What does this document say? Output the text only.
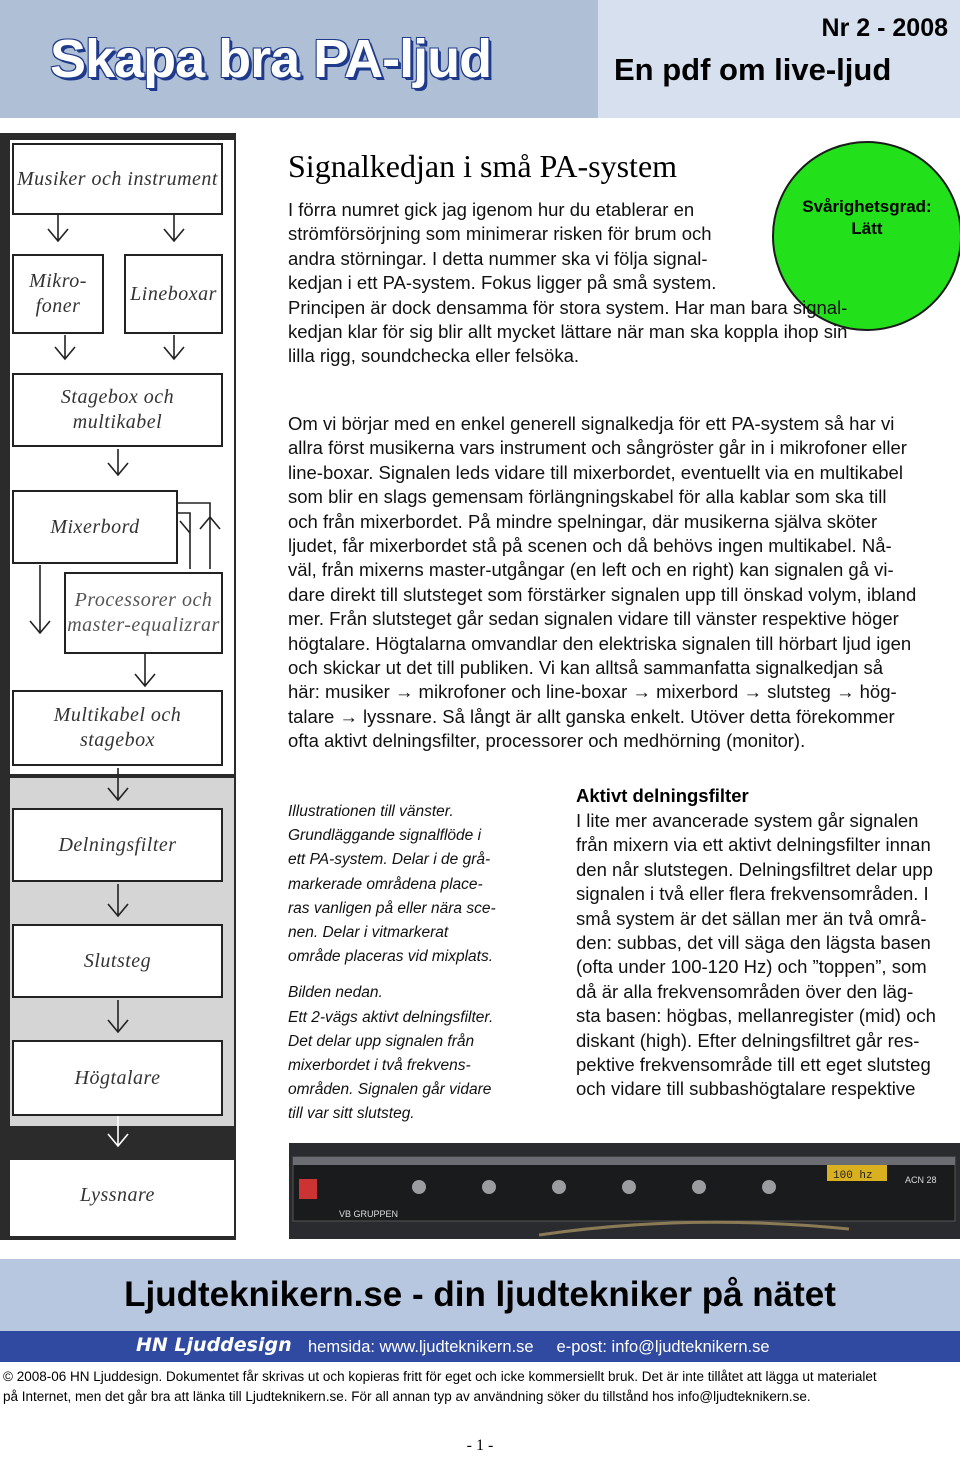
Skapa bra PA-ljud
Nr 2 - 2008
En pdf om live-ljud
Musiker och instrument
Mikro-foner
Lineboxar
Stagebox och multikabel
Mixerbord
Processorer och master-equalizrar
Multikabel och stagebox
Delningsfilter
Slutsteg
Högtalare
Lyssnare
Signalkedjan i små PA-system
Svårighetsgrad:
Lätt
I förra numret gick jag igenom hur du etablerar en
strömförsörjning som minimerar risken för brum och
andra störningar. I detta nummer ska vi följa signal-
kedjan i ett PA-system. Fokus ligger på små system.
Principen är dock densamma för stora system. Har man bara signal-
kedjan klar för sig blir allt mycket lättare när man ska koppla ihop sin
lilla rigg, soundchecka eller felsöka.
Om vi börjar med en enkel generell signalkedja för ett PA-system så har vi
allra först musikerna vars instrument och sångröster går in i mikrofoner eller
line-boxar. Signalen leds vidare till mixerbordet, eventuellt via en multikabel
som blir en slags gemensam förlängningskabel för alla kablar som ska till
och från mixerbordet. På mindre spelningar, där musikerna själva sköter
ljudet, får mixerbordet stå på scenen och då behövs ingen multikabel. Nå-
väl, från mixerns master-utgångar (en left och en right) kan signalen gå vi-
dare direkt till slutsteget som förstärker signalen upp till önskad volym, ibland
mer. Från slutsteget går sedan signalen vidare till vänster respektive höger
högtalare. Högtalarna omvandlar den elektriska signalen till hörbart ljud igen
och skickar ut det till publiken. Vi kan alltså sammanfatta signalkedjan så
här: musiker → mikrofoner och line-boxar → mixerbord → slutsteg → hög-
talare → lyssnare. Så långt är allt ganska enkelt. Utöver detta förekommer
ofta aktivt delningsfilter, processorer och medhörning (monitor).
Illustrationen till vänster.
Grundläggande signalflöde i
ett PA-system. Delar i de grå-
markerade områdena place-
ras vanligen på eller nära sce-
nen. Delar i vitmarkerat
område placeras vid mixplats.
Bilden nedan.
Ett 2-vägs aktivt delningsfilter.
Det delar upp signalen från
mixerbordet i två frekvens-
områden. Signalen går vidare
till var sitt slutsteg.
Aktivt delningsfilter
I lite mer avancerade system går signalen
från mixern via ett aktivt delningsfilter innan
den når slutstegen. Delningsfiltret delar upp
signalen i två eller flera frekvensområden. I
små system är det sällan mer än två områ-
den: subbas, det vill säga den lägsta basen
(ofta under 100-120 Hz) och ”toppen”, som
då är alla frekvensområden över den läg-
sta basen: högbas, mellanregister (mid) och
diskant (high). Efter delningsfiltret går res-
pektive frekvensområde till ett eget slutsteg
och vidare till subbashögtalare respektive
100 hz
VB GRUPPEN
ACN 28
Ljudteknikern.se - din ljudtekniker på nätet
HN Ljuddesign hemsida: www.ljudteknikern.se     e-post: info@ljudteknikern.se
© 2008-06 HN Ljuddesign. Dokumentet får skrivas ut och kopieras fritt för eget och icke kommersiellt bruk. Det är inte tillåtet att lägga ut materialet
på Internet, men det går bra att länka till Ljudteknikern.se. För all annan typ av användning söker du tillstånd hos info@ljudteknikern.se.
- 1 -
